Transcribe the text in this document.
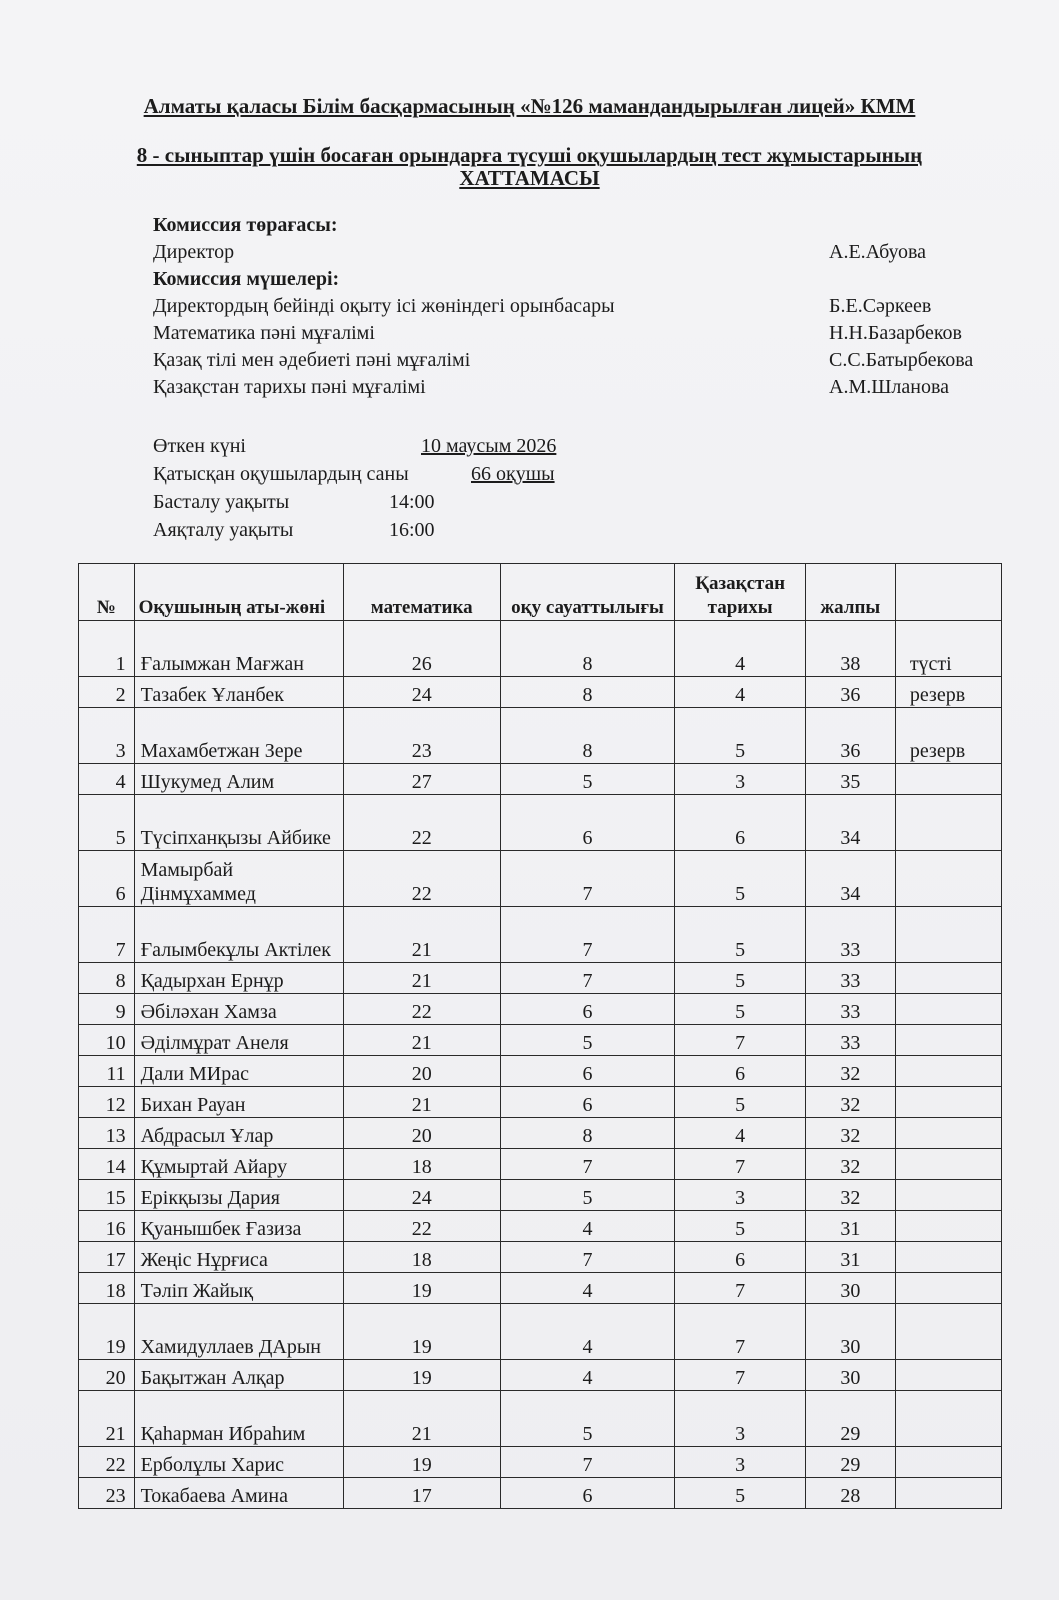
Алматы қаласы Білім басқармасының «№126 мамандандырылған лицей» КММ
8 - сыныптар үшін босаған орындарға түсуші оқушылардың тест жұмыстарының
ХАТТАМАСЫ
Комиссия төрағасы:
Директор	А.Е.Абуова
Комиссия мүшелері:
Директордың бейінді оқыту ісі жөніндегі орынбасары	Б.Е.Сәркеев
Математика пәні мұғалімі	Н.Н.Базарбеков
Қазақ тілі мен әдебиеті пәні мұғалімі	С.С.Батырбекова
Қазақстан тарихы пәні мұғалімі	А.М.Шланова
Өткен күні	10 маусым 2026
Қатысқан оқушылардың саны	66 оқушы
Басталу уақыты	14:00
Аяқталу уақыты	16:00
№	Оқушының аты-жөні	математика	оқу сауаттылығы	Қазақстан тарихы	жалпы	
1	Ғалымжан Мағжан	26	8	4	38	түсті
2	Тазабек Ұланбек	24	8	4	36	резерв
3	Махамбетжан Зере	23	8	5	36	резерв
4	Шукумед Алим	27	5	3	35	
5	Түсіпханқызы Айбике	22	6	6	34	
6	Мамырбай Дінмұхаммед	22	7	5	34	
7	Ғалымбекұлы Актілек	21	7	5	33	
8	Қадырхан Ернұр	21	7	5	33	
9	Әбіләхан Хамза	22	6	5	33	
10	Әділмұрат Анеля	21	5	7	33	
11	Дали МИрас	20	6	6	32	
12	Бихан Рауан	21	6	5	32	
13	Абдрасыл Ұлар	20	8	4	32	
14	Құмыртай Айару	18	7	7	32	
15	Ерікқызы Дария	24	5	3	32	
16	Қуанышбек Ғазиза	22	4	5	31	
17	Жеңіс Нұрғиса	18	7	6	31	
18	Тәліп Жайық	19	4	7	30	
19	Хамидуллаев ДАрын	19	4	7	30	
20	Бақытжан Алқар	19	4	7	30	
21	Қаһарман Ибраһим	21	5	3	29	
22	Ерболұлы Харис	19	7	3	29	
23	Токабаева Амина	17	6	5	28	
